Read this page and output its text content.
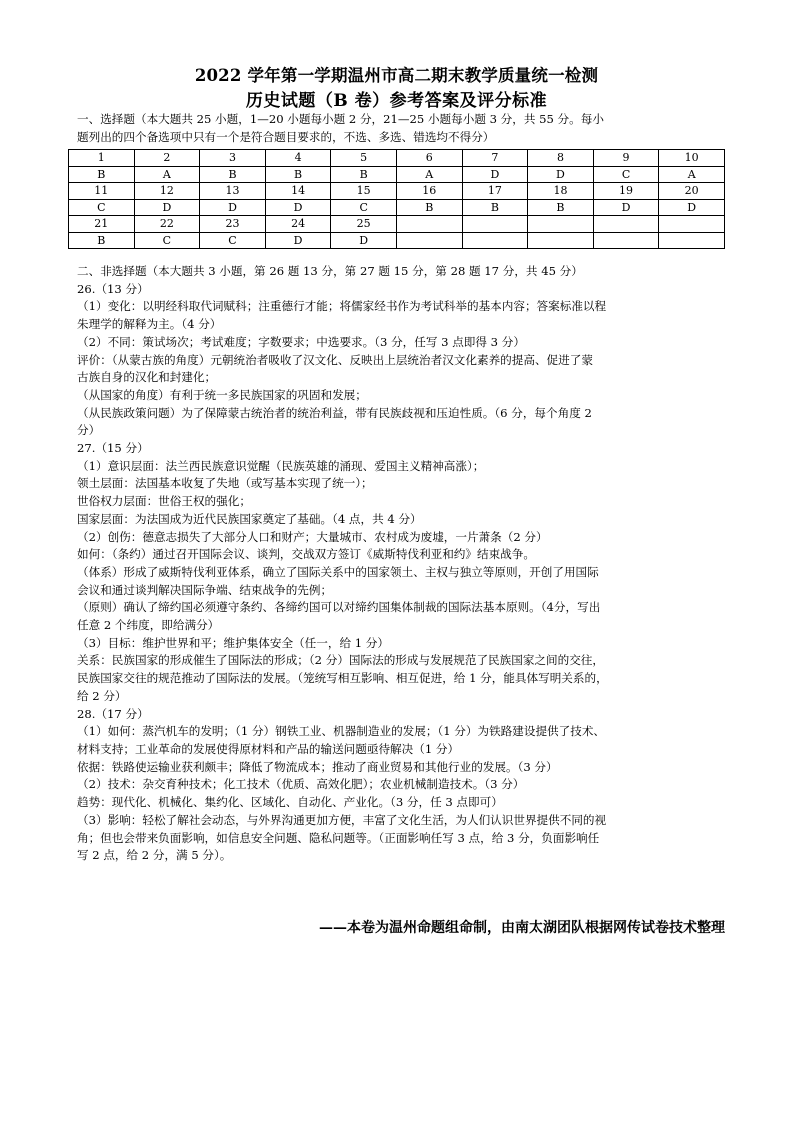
2022 学年第一学期温州市高二期末教学质量统一检测
历史试题（B 卷）参考答案及评分标准

一、选择题（本大题共 25 小题，1—20 小题每小题 2 分，21—25 小题每小题 3 分，共 55 分。每小

题列出的四个备选项中只有一个是符合题目要求的，不选、多选、错选均不得分）

1	2	3	4	5	6	7	8	9	10
B	A	B	B	B	A	D	D	C	A
11	12	13	14	15	16	17	18	19	20
C	D	D	D	C	B	B	B	D	D
21	22	23	24	25					
B	C	C	D	D					

二、非选择题（本大题共 3 小题，第 26 题 13 分，第 27 题 15 分，第 28 题 17 分，共 45 分）

26.（13 分）

（1）变化：以明经科取代词赋科；注重德行才能；将儒家经书作为考试科举的基本内容；答案标准以程

朱理学的解释为主。（4 分）

（2）不同：策试场次；考试难度；字数要求；中选要求。（3 分，任写 3 点即得 3 分）

评价：（从蒙古族的角度）元朝统治者吸收了汉文化、反映出上层统治者汉文化素养的提高、促进了蒙

古族自身的汉化和封建化；

（从国家的角度）有利于统一多民族国家的巩固和发展；

（从民族政策问题）为了保障蒙古统治者的统治利益，带有民族歧视和压迫性质。（6 分，每个角度 2

分）

27.（15 分）

（1）意识层面：法兰西民族意识觉醒（民族英雄的涌现、爱国主义精神高涨）；

领土层面：法国基本收复了失地（或写基本实现了统一）；

世俗权力层面：世俗王权的强化；

国家层面：为法国成为近代民族国家奠定了基础。（4 点，共 4 分）

（2）创伤：德意志损失了大部分人口和财产；大量城市、农村成为废墟，一片萧条（2 分）

如何：（条约）通过召开国际会议、谈判，交战双方签订《威斯特伐利亚和约》结束战争。

（体系）形成了威斯特伐利亚体系，确立了国际关系中的国家领土、主权与独立等原则，开创了用国际

会议和通过谈判解决国际争端、结束战争的先例；

（原则）确认了缔约国必须遵守条约、各缔约国可以对缔约国集体制裁的国际法基本原则。（4分，写出

任意 2 个纬度，即给满分）

（3）目标：维护世界和平；维护集体安全（任一，给 1 分）

关系：民族国家的形成催生了国际法的形成；（2 分）国际法的形成与发展规范了民族国家之间的交往，

民族国家交往的规范推动了国际法的发展。（笼统写相互影响、相互促进，给 1 分，能具体写明关系的，

给 2 分）

28.（17 分）

（1）如何：蒸汽机车的发明；（1 分）钢铁工业、机器制造业的发展；（1 分）为铁路建设提供了技术、

材料支持；工业革命的发展使得原材料和产品的输送问题亟待解决（1 分）

依据：铁路使运输业获利颇丰；降低了物流成本；推动了商业贸易和其他行业的发展。（3 分）

（2）技术：杂交育种技术；化工技术（优质、高效化肥）；农业机械制造技术。（3 分）

趋势：现代化、机械化、集约化、区域化、自动化、产业化。（3 分，任 3 点即可）

（3）影响：轻松了解社会动态，与外界沟通更加方便，丰富了文化生活，为人们认识世界提供不同的视

角；但也会带来负面影响，如信息安全问题、隐私问题等。（正面影响任写 3 点，给 3 分，负面影响任

写 2 点，给 2 分，满 5 分）。

——本卷为温州命题组命制，由南太湖团队根据网传试卷技术整理
